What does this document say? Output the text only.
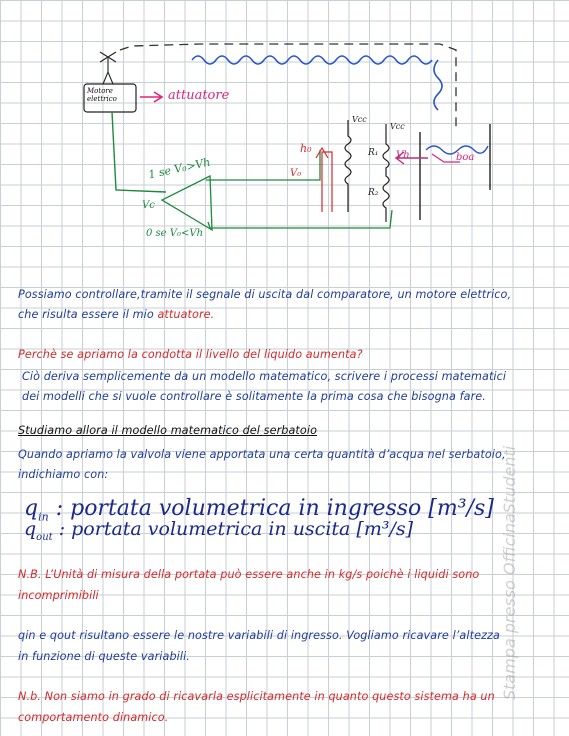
Motore
elettrico	attuatore
Vcc
Vcc
h₀
V₀
R₁
R₂
Vh	boa
1 se V₀>Vh
Vc
0 se V₀<Vh
Possiamo controllare,tramite il segnale di uscita dal comparatore, un motore elettrico,
che risulta essere il mio attuatore.
Perchè se apriamo la condotta il livello del liquido aumenta?
Ciò deriva semplicemente da un modello matematico, scrivere i processi matematici
dei modelli che si vuole controllare è solitamente la prima cosa che bisogna fare.
Studiamo allora il modello matematico del serbatoio
Quando apriamo la valvola viene apportata una certa quantità d’acqua nel serbatoio,
indichiamo con:
$q_{in}$ : portata volumetrica in ingresso [m³/s]
$q_{out}$ : portata volumetrica in uscita [m³/s]
N.B. L’Unità di misura della portata può essere anche in kg/s poichè i liquidi sono
incomprimibili
qin e qout risultano essere le nostre variabili di ingresso. Vogliamo ricavare l’altezza
in funzione di queste variabili.
N.b. Non siamo in grado di ricavarla esplicitamente in quanto questo sistema ha un
comportamento dinamico.
Stampa presso OfficinaStudenti
